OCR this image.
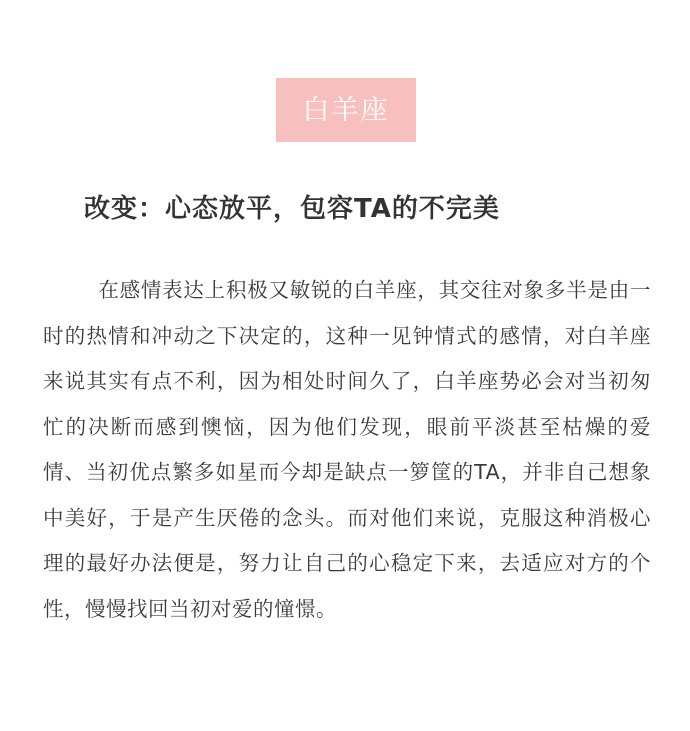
白羊座
改变：心态放平，包容TA的不完美

在感情表达上积极又敏锐的白羊座，其交往对象多半是由一时的热情和冲动之下决定的，这种一见钟情式的感情，对白羊座来说其实有点不利，因为相处时间久了，白羊座势必会对当初匆忙的决断而感到懊恼，因为他们发现，眼前平淡甚至枯燥的爱情、当初优点繁多如星而今却是缺点一箩筐的TA，并非自己想象中美好，于是产生厌倦的念头。而对他们来说，克服这种消极心理的最好办法便是，努力让自己的心稳定下来，去适应对方的个性，慢慢找回当初对爱的憧憬。
